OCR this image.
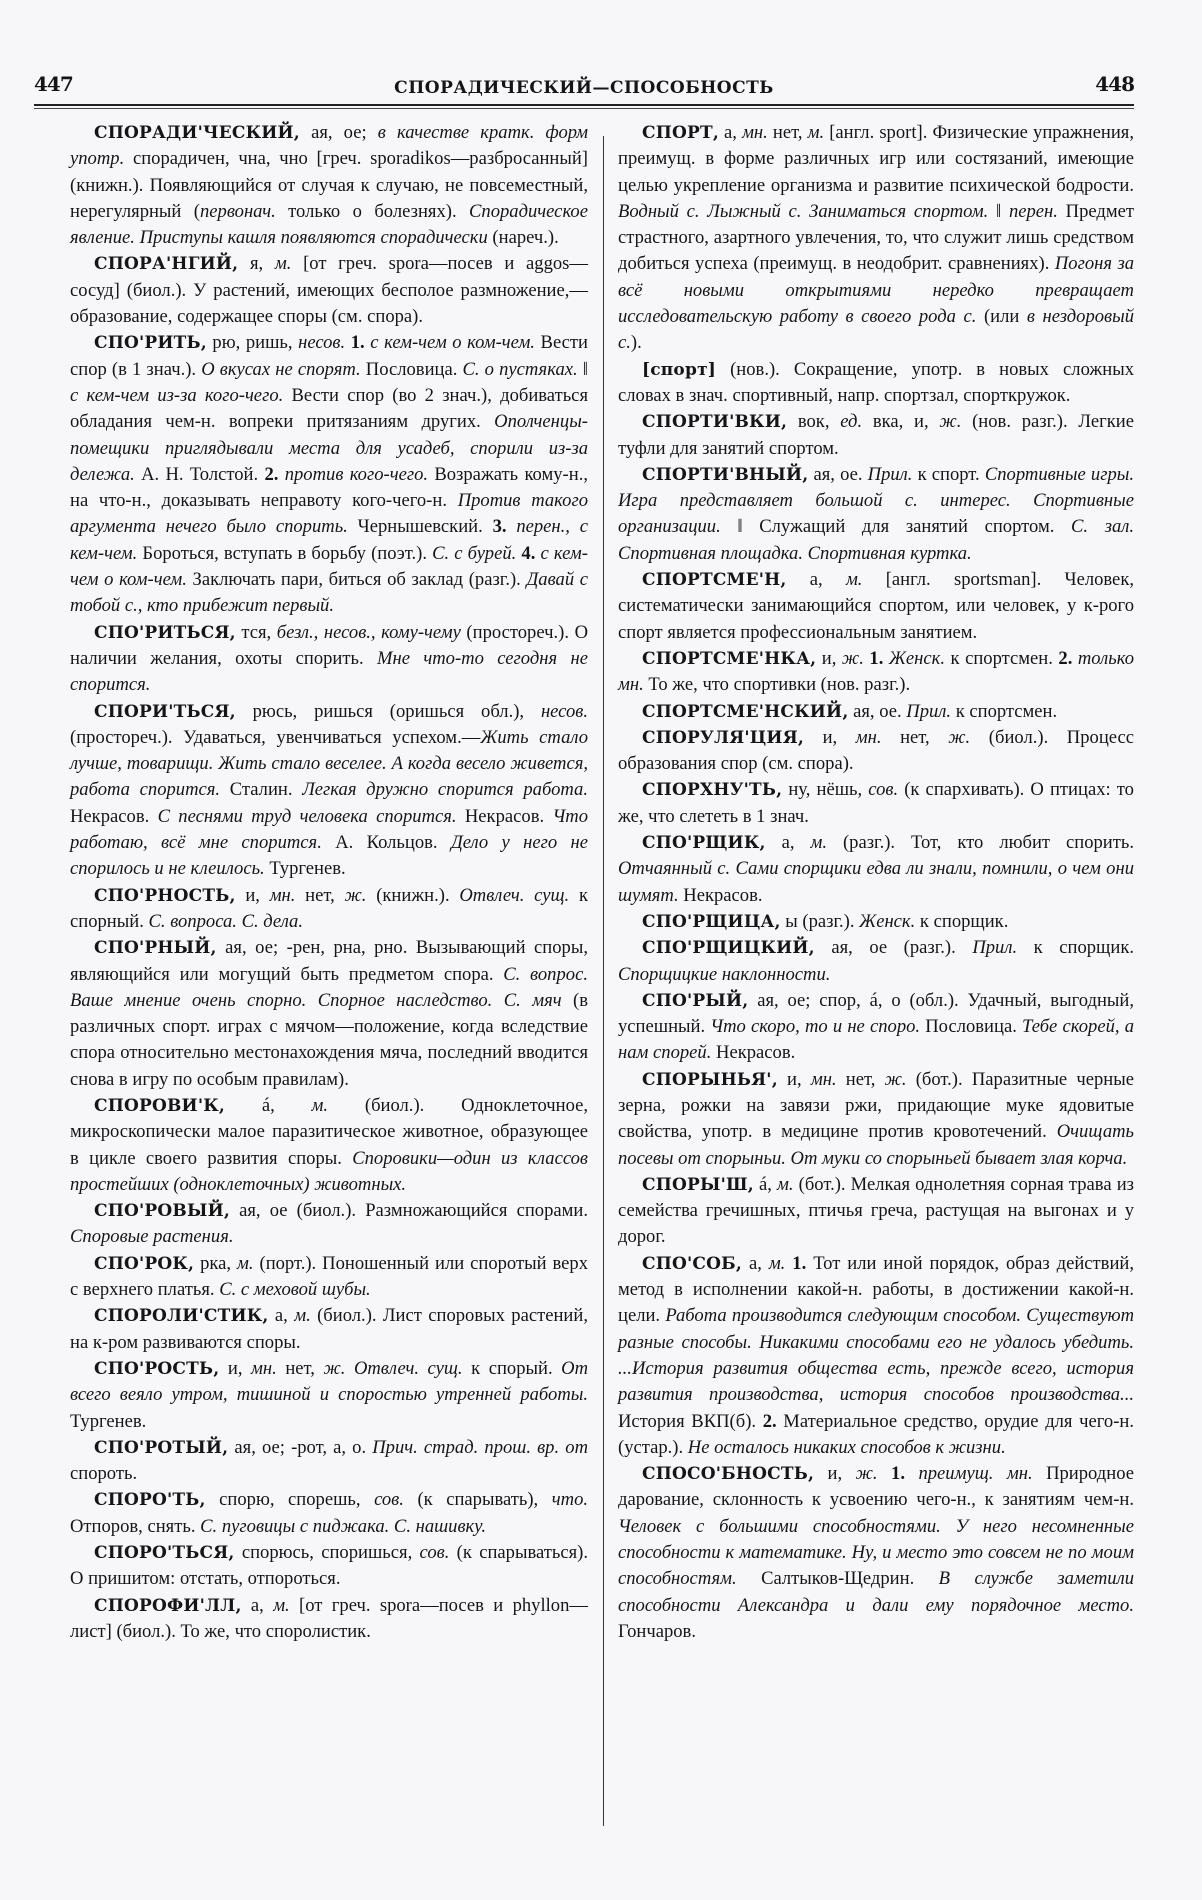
447	СПОРАДИЧЕСКИЙ—СПОСОБНОСТЬ	448

СПОРАДИ'ЧЕСКИЙ, ая, ое; в качестве кратк. форм употр. спорадичен, чна, чно [греч. sporadikos—разбросанный] (книжн.). Появляющийся от случая к случаю, не повсеместный, нерегулярный (первонач. только о болезнях). Спорадическое явление. Приступы кашля появляются спорадически (нареч.).

СПОРА'НГИЙ, я, м. [от греч. spora—посев и aggos—сосуд] (биол.). У растений, имеющих бесполое размножение,—образование, содержащее споры (см. спора).

СПО'РИТЬ, рю, ришь, несов. 1. с кем-чем о ком-чем. Вести спор (в 1 знач.). О вкусах не спорят. Пословица. С. о пустяках. ‖ с кем-чем из-за кого-чего. Вести спор (во 2 знач.), добиваться обладания чем-н. вопреки притязаниям других. Ополченцы-помещики приглядывали места для усадеб, спорили из-за дележа. А. Н. Толстой. 2. против кого-чего. Возражать кому-н., на что-н., доказывать неправоту кого-чего-н. Против такого аргумента нечего было спорить. Чернышевский. 3. перен., с кем-чем. Бороться, вступать в борьбу (поэт.). С. с бурей. 4. с кем-чем о ком-чем. Заключать пари, биться об заклад (разг.). Давай с тобой с., кто прибежит первый.

СПО'РИТЬСЯ, тся, безл., несов., кому-чему (простореч.). О наличии желания, охоты спорить. Мне что-то сегодня не спорится.

СПОРИ'ТЬСЯ, рюсь, ришься (оришься обл.), несов. (простореч.). Удаваться, увенчиваться успехом.—Жить стало лучше, товарищи. Жить стало веселее. А когда весело живется, работа спорится. Сталин. Легкая дружно спорится работа. Некрасов. С песнями труд человека спорится. Некрасов. Что работаю, всё мне спорится. А. Кольцов. Дело у него не спорилось и не клеилось. Тургенев.

СПО'РНОСТЬ, и, мн. нет, ж. (книжн.). Отвлеч. сущ. к спорный. С. вопроса. С. дела.

СПО'РНЫЙ, ая, ое; -рен, рна, рно. Вызывающий споры, являющийся или могущий быть предметом спора. С. вопрос. Ваше мнение очень спорно. Спорное наследство. С. мяч (в различных спорт. играх с мячом—положение, когда вследствие спора относительно местонахождения мяча, последний вводится снова в игру по особым правилам).

СПОРОВИ'К, á, м. (биол.). Одноклеточное, микроскопически малое паразитическое животное, образующее в цикле своего развития споры. Споровики—один из классов простейших (одноклеточных) животных.

СПО'РОВЫЙ, ая, ое (биол.). Размножающийся спорами. Споровые растения.

СПО'РОК, рка, м. (порт.). Поношенный или споротый верх с верхнего платья. С. с меховой шубы.

СПОРОЛИ'СТИК, а, м. (биол.). Лист споровых растений, на к-ром развиваются споры.

СПО'РОСТЬ, и, мн. нет, ж. Отвлеч. сущ. к спорый. От всего веяло утром, тишиной и споростью утренней работы. Тургенев.

СПО'РОТЫЙ, ая, ое; -рот, а, о. Прич. страд. прош. вр. от спороть.

СПОРО'ТЬ, спорю, спорешь, сов. (к спарывать), что. Отпоров, снять. С. пуговицы с пиджака. С. нашивку.

СПОРО'ТЬСЯ, спорюсь, споришься, сов. (к спарываться). О пришитом: отстать, отпороться.

СПОРОФИ'ЛЛ, а, м. [от греч. spora—посев и phyllon—лист] (биол.). То же, что споролистик.

СПОРТ, а, мн. нет, м. [англ. sport]. Физические упражнения, преимущ. в форме различных игр или состязаний, имеющие целью укрепление организма и развитие психической бодрости. Водный с. Лыжный с. Заниматься спортом. ‖ перен. Предмет страстного, азартного увлечения, то, что служит лишь средством добиться успеха (преимущ. в неодобрит. сравнениях). Погоня за всё новыми открытиями нередко превращает исследовательскую работу в своего рода с. (или в нездоровый с.).

[спорт] (нов.). Сокращение, употр. в новых сложных словах в знач. спортивный, напр. спортзал, спорткружок.

СПОРТИ'ВКИ, вок, ед. вка, и, ж. (нов. разг.). Легкие туфли для занятий спортом.

СПОРТИ'ВНЫЙ, ая, ое. Прил. к спорт. Спортивные игры. Игра представляет большой с. интерес. Спортивные организации. ‖ Служащий для занятий спортом. С. зал. Спортивная площадка. Спортивная куртка.

СПОРТСМЕ'Н, а, м. [англ. sportsman]. Человек, систематически занимающийся спортом, или человек, у к-рого спорт является профессиональным занятием.

СПОРТСМЕ'НКА, и, ж. 1. Женск. к спортсмен. 2. только мн. То же, что спортивки (нов. разг.).

СПОРТСМЕ'НСКИЙ, ая, ое. Прил. к спортсмен.

СПОРУЛЯ'ЦИЯ, и, мн. нет, ж. (биол.). Процесс образования спор (см. спора).

СПОРХНУ'ТЬ, ну, нёшь, сов. (к спархивать). О птицах: то же, что слететь в 1 знач.

СПО'РЩИК, а, м. (разг.). Тот, кто любит спорить. Отчаянный с. Сами спорщики едва ли знали, помнили, о чем они шумят. Некрасов.

СПО'РЩИЦА, ы (разг.). Женск. к спорщик.

СПО'РЩИЦКИЙ, ая, ое (разг.). Прил. к спорщик. Спорщицкие наклонности.

СПО'РЫЙ, ая, ое; спор, á, о (обл.). Удачный, выгодный, успешный. Что скоро, то и не споро. Пословица. Тебе скорей, а нам спорей. Некрасов.

СПОРЫНЬЯ', и, мн. нет, ж. (бот.). Паразитные черные зерна, рожки на завязи ржи, придающие муке ядовитые свойства, употр. в медицине против кровотечений. Очищать посевы от спорыньи. От муки со спорыньей бывает злая корча.

СПОРЫ'Ш, á, м. (бот.). Мелкая однолетняя сорная трава из семейства гречишных, птичья греча, растущая на выгонах и у дорог.

СПО'СОБ, а, м. 1. Тот или иной порядок, образ действий, метод в исполнении какой-н. работы, в достижении какой-н. цели. Работа производится следующим способом. Существуют разные способы. Никакими способами его не удалось убедить. ...История развития общества есть, прежде всего, история развития производства, история способов производства... История ВКП(б). 2. Материальное средство, орудие для чего-н. (устар.). Не осталось никаких способов к жизни.

СПОСО'БНОСТЬ, и, ж. 1. преимущ. мн. Природное дарование, склонность к усвоению чего-н., к занятиям чем-н. Человек с большими способностями. У него несомненные способности к математике. Ну, и место это совсем не по моим способностям. Салтыков-Щедрин. В службе заметили способности Александра и дали ему порядочное место. Гончаров.
